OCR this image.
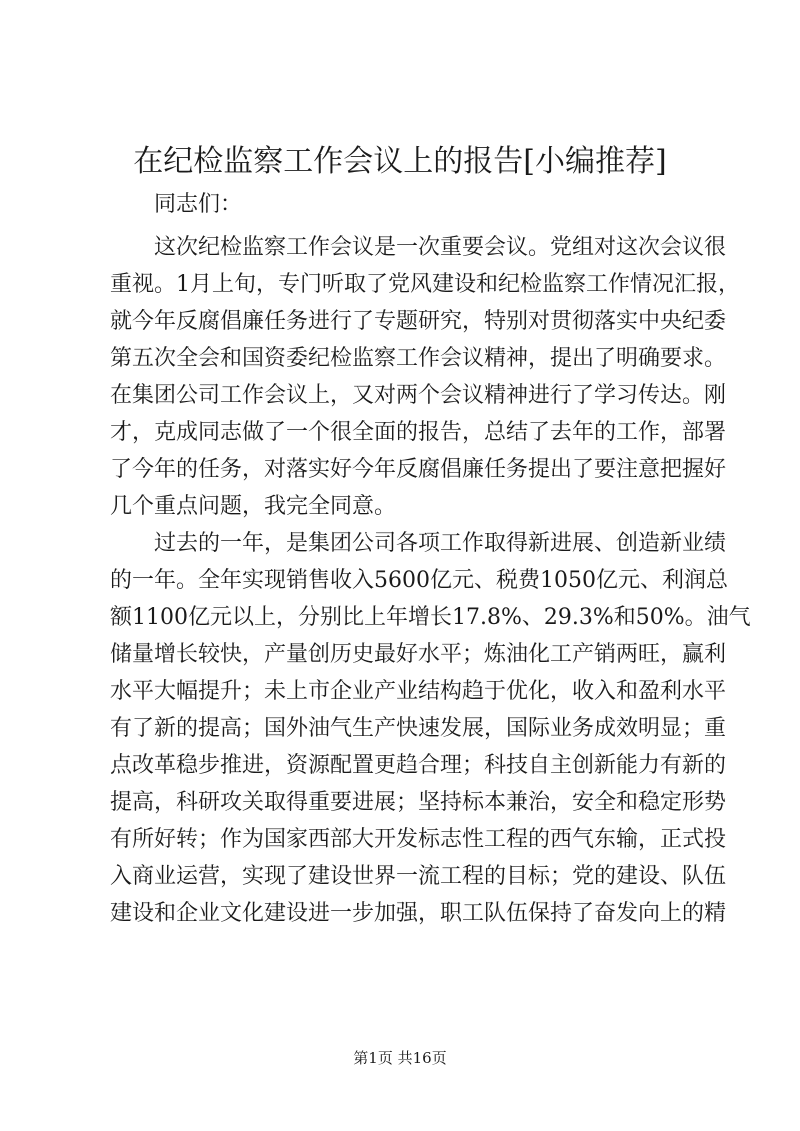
在纪检监察工作会议上的报告[小编推荐]
　　同志们：
　　这次纪检监察工作会议是一次重要会议。党组对这次会议很
重视。1月上旬，专门听取了党风建设和纪检监察工作情况汇报，
就今年反腐倡廉任务进行了专题研究，特别对贯彻落实中央纪委
第五次全会和国资委纪检监察工作会议精神，提出了明确要求。
在集团公司工作会议上，又对两个会议精神进行了学习传达。刚
才，克成同志做了一个很全面的报告，总结了去年的工作，部署
了今年的任务，对落实好今年反腐倡廉任务提出了要注意把握好
几个重点问题，我完全同意。
　　过去的一年，是集团公司各项工作取得新进展、创造新业绩
的一年。全年实现销售收入5600亿元、税费1050亿元、利润总
额1100亿元以上，分别比上年增长17.8%、29.3%和50%。油气
储量增长较快，产量创历史最好水平；炼油化工产销两旺，赢利
水平大幅提升；未上市企业产业结构趋于优化，收入和盈利水平
有了新的提高；国外油气生产快速发展，国际业务成效明显；重
点改革稳步推进，资源配置更趋合理；科技自主创新能力有新的
提高，科研攻关取得重要进展；坚持标本兼治，安全和稳定形势
有所好转；作为国家西部大开发标志性工程的西气东输，正式投
入商业运营，实现了建设世界一流工程的目标；党的建设、队伍
建设和企业文化建设进一步加强，职工队伍保持了奋发向上的精
第1页 共16页
